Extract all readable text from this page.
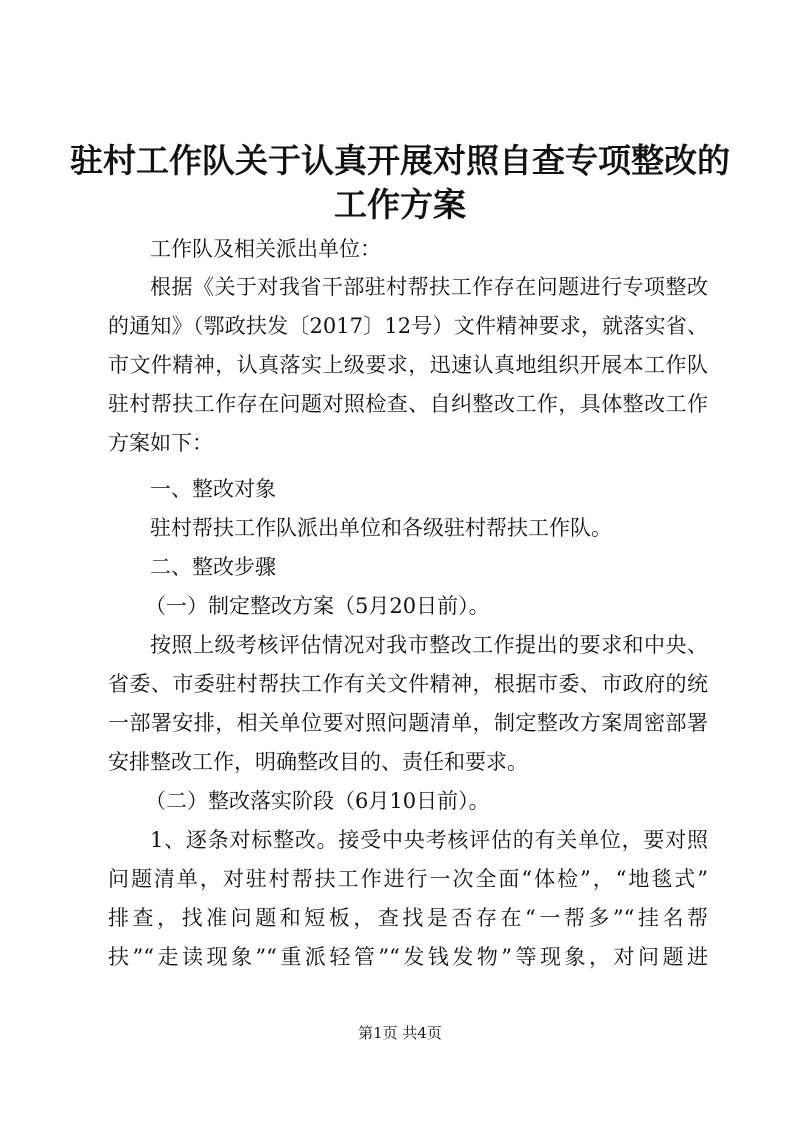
驻村工作队关于认真开展对照自查专项整改的
工作方案
工作队及相关派出单位：
根据《关于对我省干部驻村帮扶工作存在问题进行专项整改
的通知》（鄂政扶发〔2017〕12号）文件精神要求，就落实省、
市文件精神，认真落实上级要求，迅速认真地组织开展本工作队
驻村帮扶工作存在问题对照检查、自纠整改工作，具体整改工作
方案如下：
一、整改对象
驻村帮扶工作队派出单位和各级驻村帮扶工作队。
二、整改步骤
（一）制定整改方案（5月20日前）。
按照上级考核评估情况对我市整改工作提出的要求和中央、
省委、市委驻村帮扶工作有关文件精神，根据市委、市政府的统
一部署安排，相关单位要对照问题清单，制定整改方案周密部署
安排整改工作，明确整改目的、责任和要求。
（二）整改落实阶段（6月10日前）。
1、逐条对标整改。接受中央考核评估的有关单位，要对照
问题清单，对驻村帮扶工作进行一次全面“体检”，“地毯式”
排查，找准问题和短板，查找是否存在“一帮多”“挂名帮
扶”“走读现象”“重派轻管”“发钱发物”等现象，对问题进
第1页 共4页
